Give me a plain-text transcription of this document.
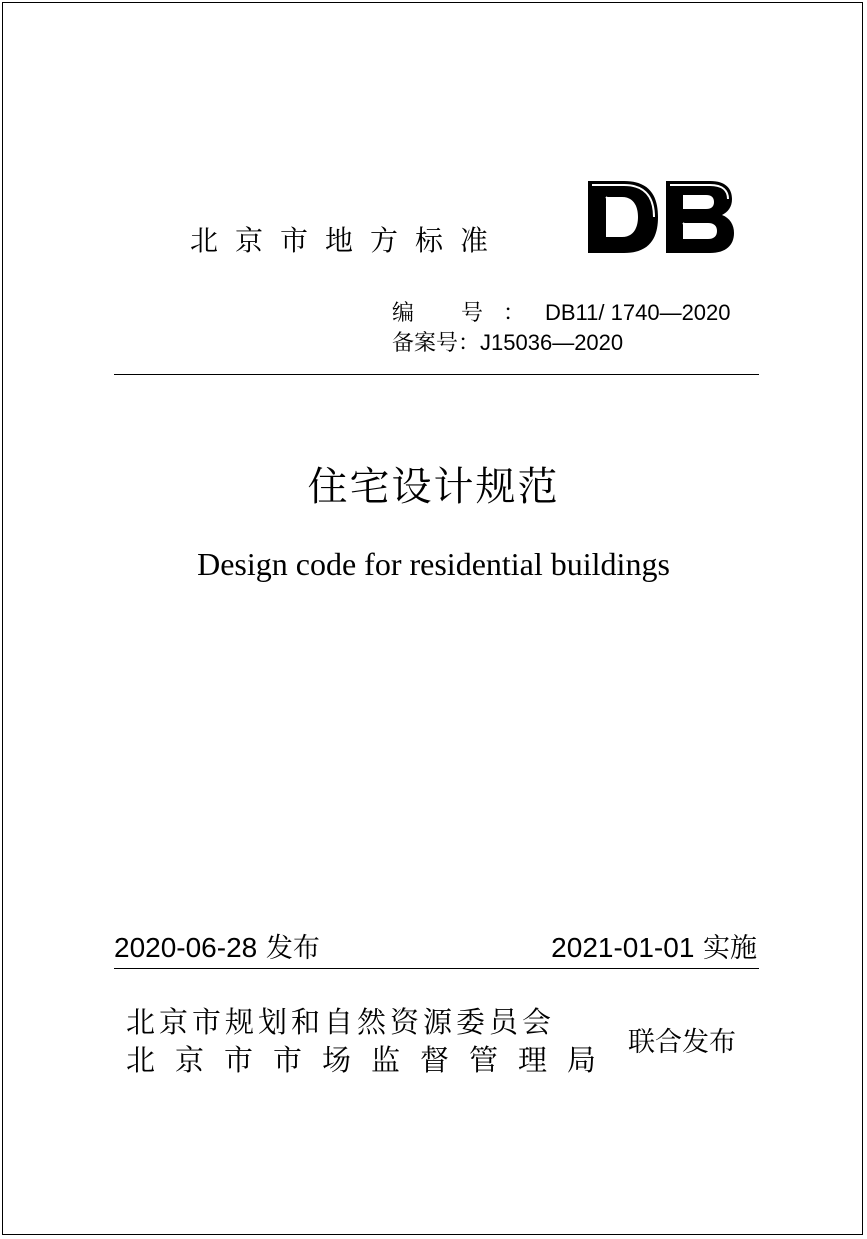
北京市地方标准
编 号：DB11/ 1740—2020
备案号：J15036—2020
住宅设计规范
Design code for residential buildings
2020-06-28 发布	2021-01-01 实施
北京市规划和自然资源委员会
北京市市场监督管理局
联合发布
